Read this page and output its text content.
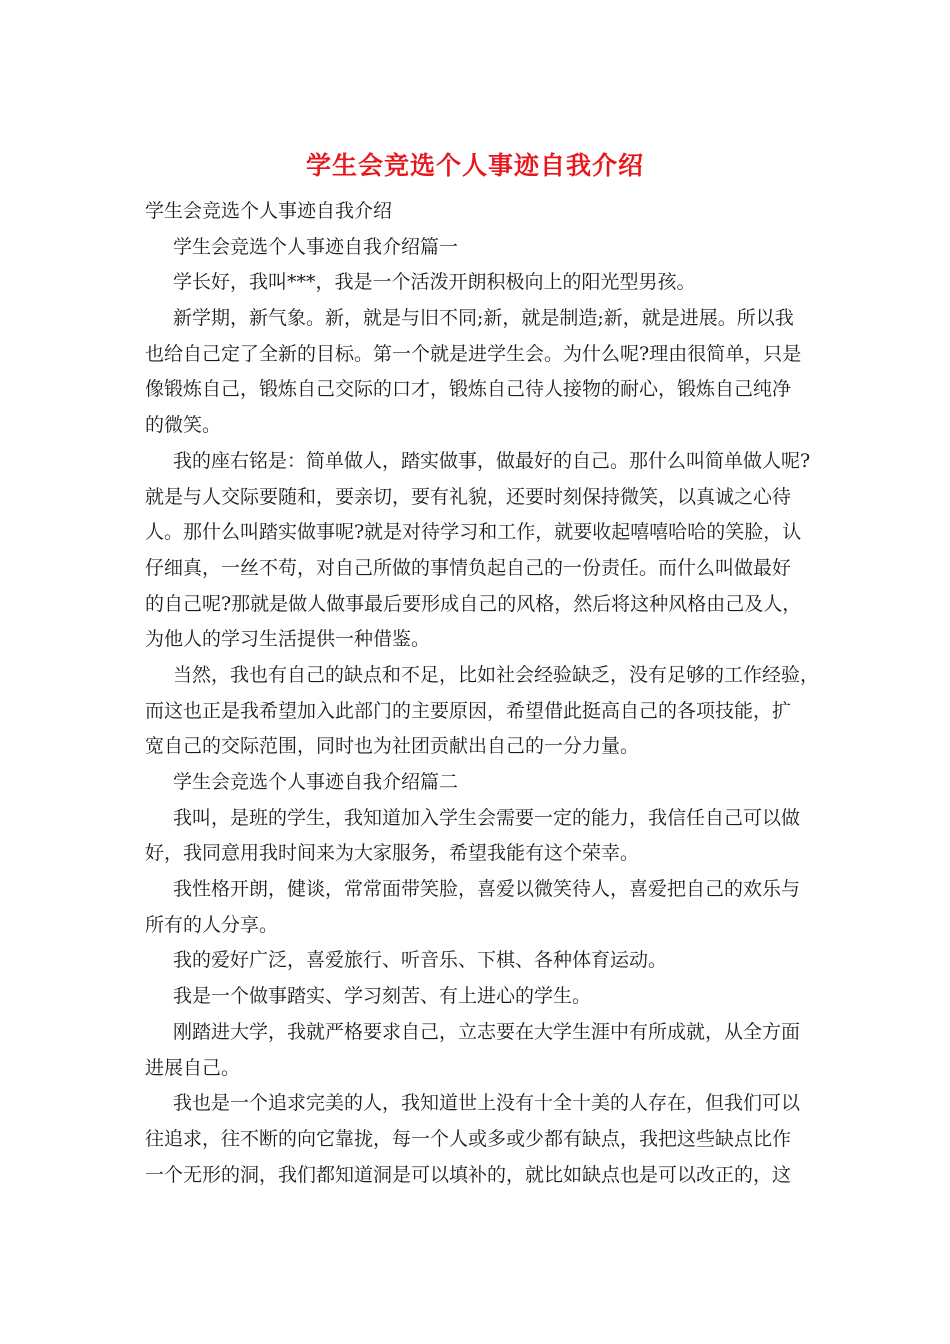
学生会竞选个人事迹自我介绍
学生会竞选个人事迹自我介绍
学生会竞选个人事迹自我介绍篇一
学长好，我叫***，我是一个活泼开朗积极向上的阳光型男孩。
新学期，新气象。新，就是与旧不同;新，就是制造;新，就是进展。所以我
也给自己定了全新的目标。第一个就是进学生会。为什么呢?理由很简单，只是
像锻炼自己，锻炼自己交际的口才，锻炼自己待人接物的耐心，锻炼自己纯净
的微笑。
我的座右铭是：简单做人，踏实做事，做最好的自己。那什么叫简单做人呢?
就是与人交际要随和，要亲切，要有礼貌，还要时刻保持微笑，以真诚之心待
人。那什么叫踏实做事呢?就是对待学习和工作，就要收起嘻嘻哈哈的笑脸，认
仔细真，一丝不苟，对自己所做的事情负起自己的一份责任。而什么叫做最好
的自己呢?那就是做人做事最后要形成自己的风格，然后将这种风格由己及人，
为他人的学习生活提供一种借鉴。
当然，我也有自己的缺点和不足，比如社会经验缺乏，没有足够的工作经验，
而这也正是我希望加入此部门的主要原因，希望借此挺高自己的各项技能，扩
宽自己的交际范围，同时也为社团贡献出自己的一分力量。
学生会竞选个人事迹自我介绍篇二
我叫，是班的学生，我知道加入学生会需要一定的能力，我信任自己可以做
好，我同意用我时间来为大家服务，希望我能有这个荣幸。
我性格开朗，健谈，常常面带笑脸，喜爱以微笑待人，喜爱把自己的欢乐与
所有的人分享。
我的爱好广泛，喜爱旅行、听音乐、下棋、各种体育运动。
我是一个做事踏实、学习刻苦、有上进心的学生。
刚踏进大学，我就严格要求自己，立志要在大学生涯中有所成就，从全方面
进展自己。
我也是一个追求完美的人，我知道世上没有十全十美的人存在，但我们可以
往追求，往不断的向它靠拢，每一个人或多或少都有缺点，我把这些缺点比作
一个无形的洞，我们都知道洞是可以填补的，就比如缺点也是可以改正的，这
